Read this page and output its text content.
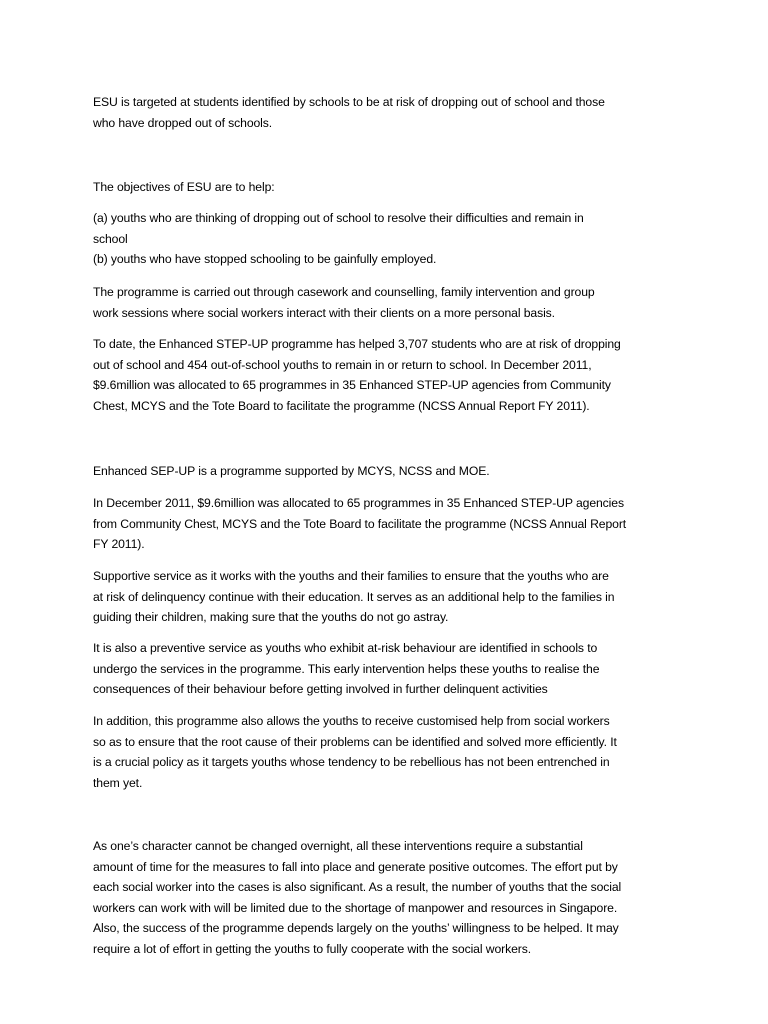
ESU is targeted at students identified by schools to be at risk of dropping out of school and those
who have dropped out of schools.

The objectives of ESU are to help:

(a) youths who are thinking of dropping out of school to resolve their difficulties and remain in
school
(b) youths who have stopped schooling to be gainfully employed.

The programme is carried out through casework and counselling, family intervention and group
work sessions where social workers interact with their clients on a more personal basis.

To date, the Enhanced STEP-UP programme has helped 3,707 students who are at risk of dropping
out of school and 454 out-of-school youths to remain in or return to school. In December 2011,
$9.6million was allocated to 65 programmes in 35 Enhanced STEP-UP agencies from Community
Chest, MCYS and the Tote Board to facilitate the programme (NCSS Annual Report FY 2011).

Enhanced SEP-UP is a programme supported by MCYS, NCSS and MOE.

In December 2011, $9.6million was allocated to 65 programmes in 35 Enhanced STEP-UP agencies
from Community Chest, MCYS and the Tote Board to facilitate the programme (NCSS Annual Report
FY 2011).

Supportive service as it works with the youths and their families to ensure that the youths who are
at risk of delinquency continue with their education. It serves as an additional help to the families in
guiding their children, making sure that the youths do not go astray.

It is also a preventive service as youths who exhibit at-risk behaviour are identified in schools to
undergo the services in the programme. This early intervention helps these youths to realise the
consequences of their behaviour before getting involved in further delinquent activities

In addition, this programme also allows the youths to receive customised help from social workers
so as to ensure that the root cause of their problems can be identified and solved more efficiently. It
is a crucial policy as it targets youths whose tendency to be rebellious has not been entrenched in
them yet.

As one’s character cannot be changed overnight, all these interventions require a substantial
amount of time for the measures to fall into place and generate positive outcomes. The effort put by
each social worker into the cases is also significant. As a result, the number of youths that the social
workers can work with will be limited due to the shortage of manpower and resources in Singapore.
Also, the success of the programme depends largely on the youths’ willingness to be helped. It may
require a lot of effort in getting the youths to fully cooperate with the social workers.
